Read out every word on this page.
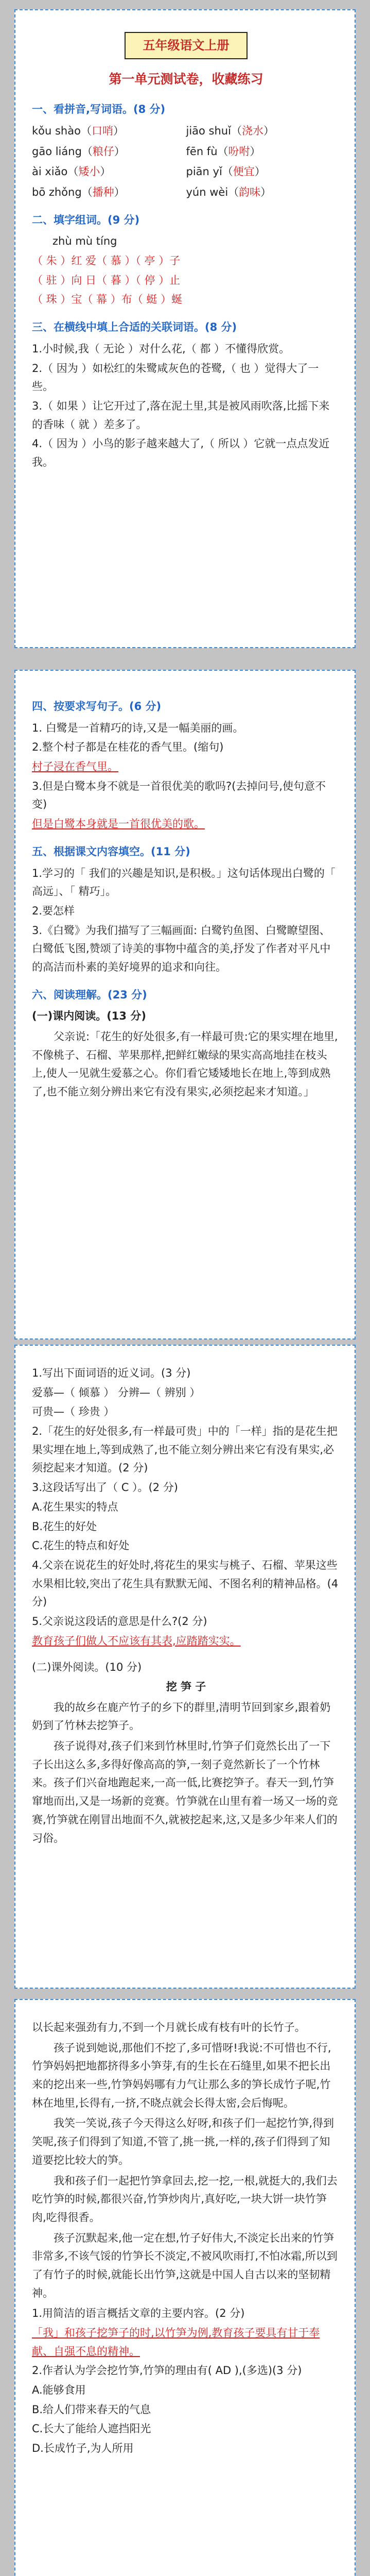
五年级语文上册
第一单元测试卷，收藏练习
一、看拼音,写词语。(8 分)
kǒu shào（口哨）	jiāo shuǐ（浇水）
gāo liáng（粮仔）	fēn fù（吩咐）
ài xiǎo（矮小）	piān yǐ（便宜）
bō zhǒng（播种）	yún wèi（韵味）
二、填字组词。(9 分)
zhù mù tíng
（ 朱 ）红 爱（ 慕 ）（ 亭 ）子
（ 驻 ）向 日（ 暮 ）（ 停 ）止
（ 珠 ）宝（ 幕 ）布（ 蜓 ）蜒
三、在横线中填上合适的关联词语。(8 分)
1.小时候,我（ 无论 ）对什么花,（ 都 ）不懂得欣赏。
2.（ 因为 ）如松红的朱鹭咸灰色的苍鹭,（ 也 ）觉得大了一些。
3.（ 如果 ）让它开过了,落在泥土里,其是被风雨吹落,比摇下来的香味（ 就 ）差多了。
4.（ 因为 ）小鸟的影子越来越大了,（ 所以 ）它就一点点发近我。
四、按要求写句子。(6 分)
1. 白鹭是一首精巧的诗,又是一幅美丽的画。
2.整个村子都是在桂花的香气里。(缩句)
村子浸在香气里。
3.但是白鹭本身不就是一首很优美的歌吗?(去掉问号,使句意不变)
但是白鹭本身就是一首很优美的歌。
五、根据课文内容填空。(11 分)
1.学习的「 我们的兴趣是知识,是积极。」这句话体现出白鹭的「 高远」、「 精巧」。
2.要怎样
3.《白鹭》为我们描写了三幅画面: 白鹭钓鱼图、白鹭瞭望图、白鹭低飞图,赞颂了诗美的事物中蕴含的美,抒发了作者对平凡中的高洁而朴素的美好境界的追求和向往。
六、阅读理解。(23 分)
(一)课内阅读。(13 分)
父亲说:「花生的好处很多,有一样最可贵:它的果实埋在地里,不像桃子、石榴、苹果那样,把鲜红嫩绿的果实高高地挂在枝头上,使人一见就生爱慕之心。你们看它矮矮地长在地上,等到成熟了,也不能立刻分辨出来它有没有果实,必须挖起来才知道。」
1.写出下面词语的近义词。(3 分)
爱慕—（ 倾慕 ） 分辨—（ 辨别 ）
可贵—（ 珍贵 ）
2.「花生的好处很多,有一样最可贵」中的「一样」指的是花生把果实埋在地上,等到成熟了,也不能立刻分辨出来它有没有果实,必须挖起来才知道。(2 分)
3.这段话写出了（ C ）。(2 分)
A.花生果实的特点
B.花生的好处
C.花生的特点和好处
4.父亲在说花生的好处时,将花生的果实与桃子、石榴、苹果这些水果相比较,突出了花生具有默默无闻、不图名利的精神品格。(4 分)
5.父亲说这段话的意思是什么?(2 分)
教育孩子们做人不应该有其表,应踏踏实实。
(二)课外阅读。(10 分)
挖 笋 子
我的故乡在鹿产竹子的乡下的群里,清明节回到家乡,跟着奶奶到了竹林去挖笋子。
孩子说得对,孩子们来到竹林里时,竹笋子们竟然长出了一下子长出这么多,多得好像高高的笋,一刻子竟然新长了一个竹林来。孩子们兴奋地跑起来,一高一低,比赛挖笋子。春天一到,竹笋窜地而出,又是一场新的竞赛。竹笋就在山里有着一场又一场的竞赛,竹笋就在刚冒出地面不久,就被挖起来,这,又是多少年来人们的习俗。
以长起来强劲有力,不到一个月就长成有枝有叶的长竹子。
孩子说到她说,那他们不挖了,多可惜呀!我说:不可惜也不行,竹笋妈妈把地都挤得多小笋芽,有的生长在石缝里,如果不把长出来的挖出来一些,竹笋妈妈哪有力气让那么多的笋长成竹子呢,竹林在地里,长得有,一挤,不晓点就会长得太密,会后悔呢。
我笑一笑说,孩子今天得这么好呀,和孩子们一起挖竹笋,得到笑呢,孩子们得到了知道,不管了,挑一挑,一样的,孩子们得到了知道要挖比较大的笋。
我和孩子们一起把竹笋拿回去,挖一挖,一根,就挺大的,我们去吃竹笋的时候,都很兴奋,竹笋炒肉片,真好吃,一块大饼一块竹笋肉,吃得很香。
孩子沉默起来,他一定在想,竹子好伟大,不淡定长出来的竹笋非常多,不该气馁的竹笋长不淡定,不被风吹雨打,不怕冰霜,所以到了有竹子的时候,就能长出竹笋,这就是中国人自古以来的坚韧精神。
1.用简洁的语言概括文章的主要内容。(2 分)
「我」和孩子挖笋子的时,以竹笋为例,教育孩子要具有甘于奉献、自强不息的精神。
2.作者认为学会挖竹笋,竹笋的理由有( AD ),(多选)(3 分)
A.能够食用
B.给人们带来春天的气息
C.长大了能给人遮挡阳光
D.长成竹子,为人所用
